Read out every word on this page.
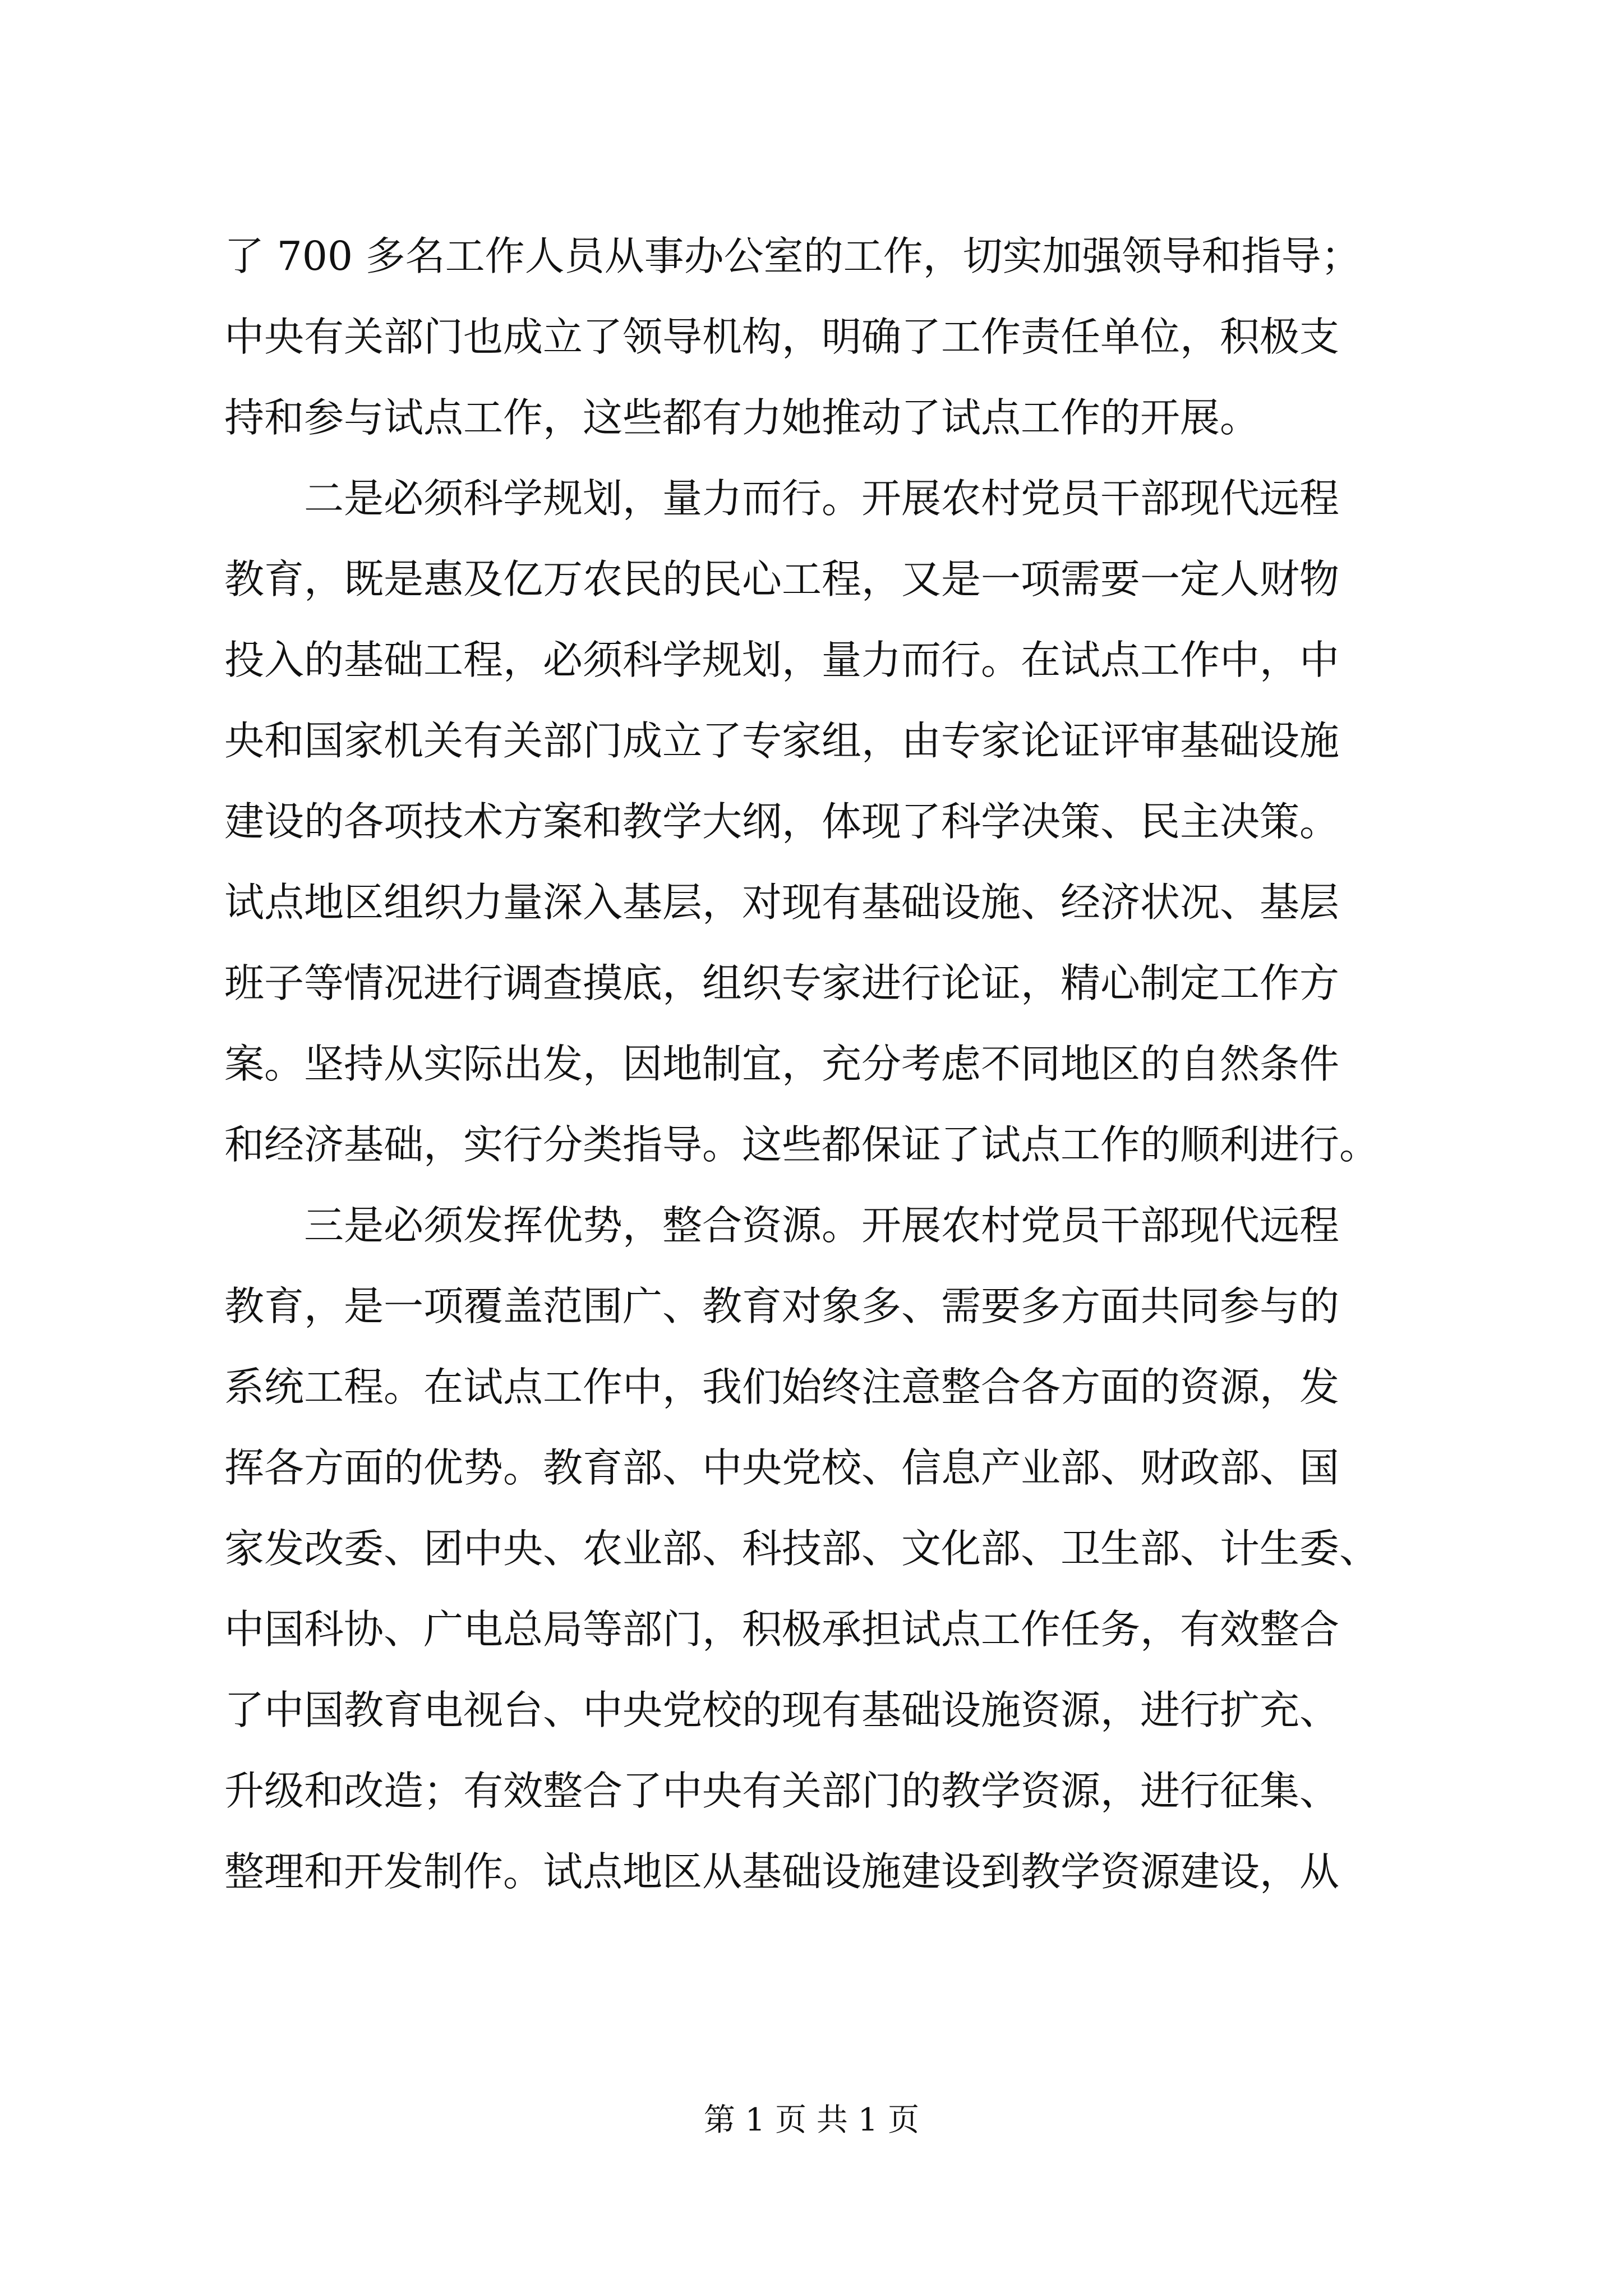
了 700 多名工作人员从事办公室的工作，切实加强领导和指导；
中央有关部门也成立了领导机构，明确了工作责任单位，积极支
持和参与试点工作，这些都有力她推动了试点工作的开展。
　　二是必须科学规划，量力而行。开展农村党员干部现代远程
教育，既是惠及亿万农民的民心工程，又是一项需要一定人财物
投入的基础工程，必须科学规划，量力而行。在试点工作中，中
央和国家机关有关部门成立了专家组，由专家论证评审基础设施
建设的各项技术方案和教学大纲，体现了科学决策、民主决策。
试点地区组织力量深入基层，对现有基础设施、经济状况、基层
班子等情况进行调查摸底，组织专家进行论证，精心制定工作方
案。坚持从实际出发，因地制宜，充分考虑不同地区的自然条件
和经济基础，实行分类指导。这些都保证了试点工作的顺利进行。
　　三是必须发挥优势，整合资源。开展农村党员干部现代远程
教育，是一项覆盖范围广、教育对象多、需要多方面共同参与的
系统工程。在试点工作中，我们始终注意整合各方面的资源，发
挥各方面的优势。教育部、中央党校、信息产业部、财政部、国
家发改委、团中央、农业部、科技部、文化部、卫生部、计生委、
中国科协、广电总局等部门，积极承担试点工作任务，有效整合
了中国教育电视台、中央党校的现有基础设施资源，进行扩充、
升级和改造；有效整合了中央有关部门的教学资源，进行征集、
整理和开发制作。试点地区从基础设施建设到教学资源建设，从
第 1 页 共 1 页
